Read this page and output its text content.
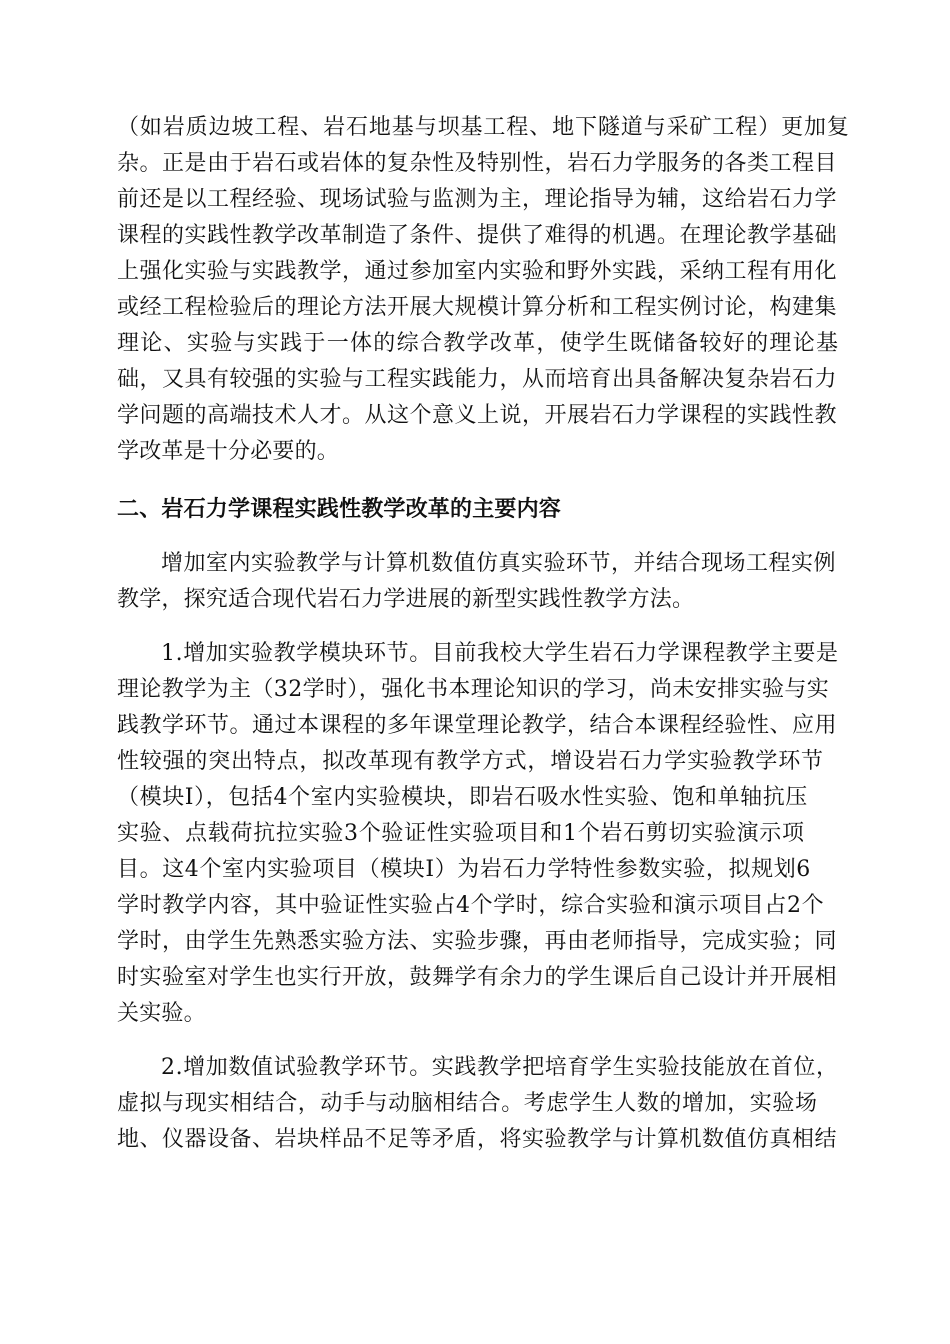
（如岩质边坡工程、岩石地基与坝基工程、地下隧道与采矿工程）更加复
杂。正是由于岩石或岩体的复杂性及特别性，岩石力学服务的各类工程目
前还是以工程经验、现场试验与监测为主，理论指导为辅，这给岩石力学
课程的实践性教学改革制造了条件、提供了难得的机遇。在理论教学基础
上强化实验与实践教学，通过参加室内实验和野外实践，采纳工程有用化
或经工程检验后的理论方法开展大规模计算分析和工程实例讨论，构建集
理论、实验与实践于一体的综合教学改革，使学生既储备较好的理论基
础，又具有较强的实验与工程实践能力，从而培育出具备解决复杂岩石力
学问题的高端技术人才。从这个意义上说，开展岩石力学课程的实践性教
学改革是十分必要的。
二、岩石力学课程实践性教学改革的主要内容
增加室内实验教学与计算机数值仿真实验环节，并结合现场工程实例
教学，探究适合现代岩石力学进展的新型实践性教学方法。
1.增加实验教学模块环节。目前我校大学生岩石力学课程教学主要是
理论教学为主（32学时），强化书本理论知识的学习，尚未安排实验与实
践教学环节。通过本课程的多年课堂理论教学，结合本课程经验性、应用
性较强的突出特点，拟改革现有教学方式，增设岩石力学实验教学环节
（模块Ⅰ），包括4个室内实验模块，即岩石吸水性实验、饱和单轴抗压
实验、点载荷抗拉实验3个验证性实验项目和1个岩石剪切实验演示项
目。这4个室内实验项目（模块Ⅰ）为岩石力学特性参数实验，拟规划6
学时教学内容，其中验证性实验占4个学时，综合实验和演示项目占2个
学时，由学生先熟悉实验方法、实验步骤，再由老师指导，完成实验；同
时实验室对学生也实行开放，鼓舞学有余力的学生课后自己设计并开展相
关实验。
2.增加数值试验教学环节。实践教学把培育学生实验技能放在首位，
虚拟与现实相结合，动手与动脑相结合。考虑学生人数的增加，实验场
地、仪器设备、岩块样品不足等矛盾，将实验教学与计算机数值仿真相结
